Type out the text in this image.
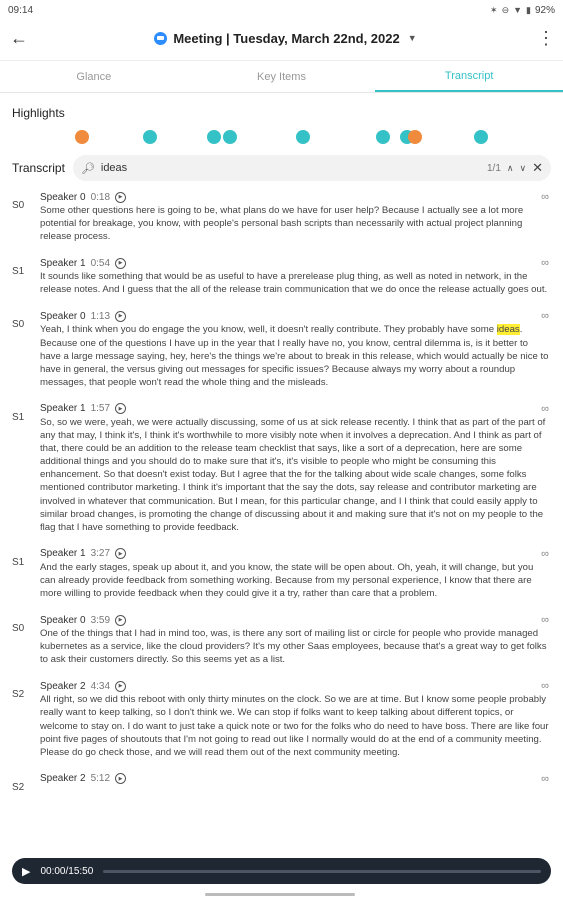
09:14	✶ ⊖ ▼ ▮ 92%
←	Meeting | Tuesday, March 22nd, 2022 ▼	⋮
Glance	Key Items	Transcript
Highlights
Transcript 🔎︎
ideas	1/1 ∧ ∨ ✕
S0
Speaker 0 0:18	▶	∞
Some other questions here is going to be, what plans do we have for user help? Because I actually see a lot more potential for breakage, you know, with people's personal bash scripts than necessarily with actual project planning release process.
S1
Speaker 1 0:54	▶	∞
It sounds like something that would be as useful to have a prerelease plug thing, as well as noted in network, in the release notes. And I guess that the all of the release train communication that we do once the release actually goes out.
S0
Speaker 0 1:13	▶	∞
Yeah, I think when you do engage the you know, well, it doesn't really contribute. They probably have some ideas. Because one of the questions I have up in the year that I really have no, you know, central dilemma is, is it better to have a large message saying, hey, here's the things we're about to break in this release, which would actually be nice to have in general, the versus giving out messages for specific issues? Because always my worry about a roundup messages, that people won't read the whole thing and the misleads.
S1
Speaker 1 1:57	▶	∞
So, so we were, yeah, we were actually discussing, some of us at sick release recently. I think that as part of the part of any that may, I think it's, I think it's worthwhile to more visibly note when it involves a deprecation. And I think as part of that, there could be an addition to the release team checklist that says, like a sort of a deprecation, here are some additional things and you should do to make sure that it's, it's visible to people who might be consuming this enhancement. So that doesn't exist today. But I agree that the for the talking about wide scale changes, some folks mentioned contributor marketing. I think it's important that the say the dots, say release and contributor marketing are involved in whatever that communication. But I mean, for this particular change, and I I think that could easily apply to similar broad changes, is promoting the change of discussing about it and making sure that it's not on my people to the flag that I have something to provide feedback.
S1
Speaker 1 3:27	▶	∞
And the early stages, speak up about it, and you know, the state will be open about. Oh, yeah, it will change, but you can already provide feedback from something working. Because from my personal experience, I know that there are more willing to provide feedback when they could give it a try, rather than care that a problem.
S0
Speaker 0 3:59	▶	∞
One of the things that I had in mind too, was, is there any sort of mailing list or circle for people who provide managed kubernetes as a service, like the cloud providers? It's my other Saas employees, because that's a great way to get folks to ask their customers directly. So this seems yet as a list.
S2
Speaker 2 4:34	▶	∞
All right, so we did this reboot with only thirty minutes on the clock. So we are at time. But I know some people probably really want to keep talking, so I don't think we. We can stop if folks want to keep talking about different topics, or welcome to stay on. I do want to just take a quick note or two for the folks who do need to have boss. There are like four point five pages of shoutouts that I'm not going to read out like I normally would do at the end of a community meeting. Please do go check those, and we will read them out of the next community meeting.
S2
Speaker 2 5:12	▶	∞
▶ 00:00/15:50
